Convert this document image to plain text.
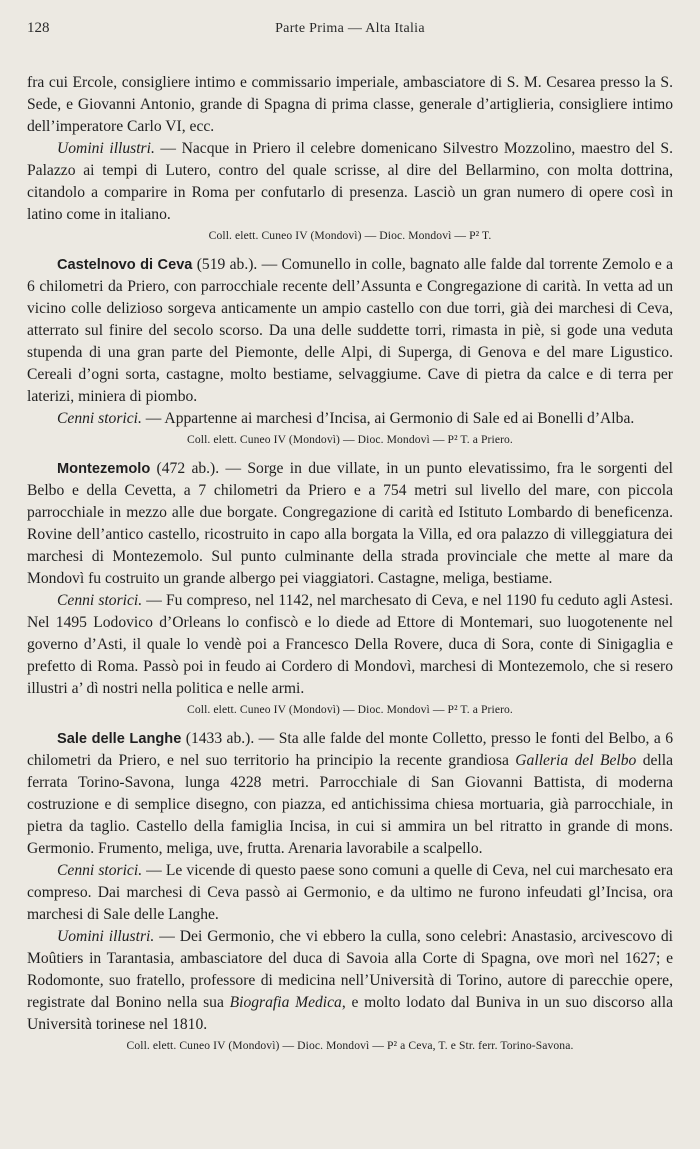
128	Parte Prima — Alta Italia

fra cui Ercole, consigliere intimo e commissario imperiale, ambasciatore di S. M. Cesarea presso la S. Sede, e Giovanni Antonio, grande di Spagna di prima classe, generale d’artiglieria, consigliere intimo dell’imperatore Carlo VI, ecc.

Uomini illustri. — Nacque in Priero il celebre domenicano Silvestro Mozzolino, maestro del S. Palazzo ai tempi di Lutero, contro del quale scrisse, al dire del Bellarmino, con molta dottrina, citandolo a comparire in Roma per confutarlo di presenza. Lasciò un gran numero di opere così in latino come in italiano.

Coll. elett. Cuneo IV (Mondovì) — Dioc. Mondovì — P² T.

Castelnovo di Ceva (519 ab.). — Comunello in colle, bagnato alle falde dal torrente Zemolo e a 6 chilometri da Priero, con parrocchiale recente dell’Assunta e Congregazione di carità. In vetta ad un vicino colle delizioso sorgeva anticamente un ampio castello con due torri, già dei marchesi di Ceva, atterrato sul finire del secolo scorso. Da una delle suddette torri, rimasta in piè, si gode una veduta stupenda di una gran parte del Piemonte, delle Alpi, di Superga, di Genova e del mare Ligustico. Cereali d’ogni sorta, castagne, molto bestiame, selvaggiume. Cave di pietra da calce e di terra per laterizi, miniera di piombo.

Cenni storici. — Appartenne ai marchesi d’Incisa, ai Germonio di Sale ed ai Bonelli d’Alba.

Coll. elett. Cuneo IV (Mondovì) — Dioc. Mondovì — P² T. a Priero.

Montezemolo (472 ab.). — Sorge in due villate, in un punto elevatissimo, fra le sorgenti del Belbo e della Cevetta, a 7 chilometri da Priero e a 754 metri sul livello del mare, con piccola parrocchiale in mezzo alle due borgate. Congregazione di carità ed Istituto Lombardo di beneficenza. Rovine dell’antico castello, ricostruito in capo alla borgata la Villa, ed ora palazzo di villeggiatura dei marchesi di Montezemolo. Sul punto culminante della strada provinciale che mette al mare da Mondovì fu costruito un grande albergo pei viaggiatori. Castagne, meliga, bestiame.

Cenni storici. — Fu compreso, nel 1142, nel marchesato di Ceva, e nel 1190 fu ceduto agli Astesi. Nel 1495 Lodovico d’Orleans lo confiscò e lo diede ad Ettore di Montemari, suo luogotenente nel governo d’Asti, il quale lo vendè poi a Francesco Della Rovere, duca di Sora, conte di Sinigaglia e prefetto di Roma. Passò poi in feudo ai Cordero di Mondovì, marchesi di Montezemolo, che si resero illustri a’ dì nostri nella politica e nelle armi.

Coll. elett. Cuneo IV (Mondovì) — Dioc. Mondovì — P² T. a Priero.

Sale delle Langhe (1433 ab.). — Sta alle falde del monte Colletto, presso le fonti del Belbo, a 6 chilometri da Priero, e nel suo territorio ha principio la recente grandiosa Galleria del Belbo della ferrata Torino-Savona, lunga 4228 metri. Parrocchiale di San Giovanni Battista, di moderna costruzione e di semplice disegno, con piazza, ed antichissima chiesa mortuaria, già parrocchiale, in pietra da taglio. Castello della famiglia Incisa, in cui si ammira un bel ritratto in grande di mons. Germonio. Frumento, meliga, uve, frutta. Arenaria lavorabile a scalpello.

Cenni storici. — Le vicende di questo paese sono comuni a quelle di Ceva, nel cui marchesato era compreso. Dai marchesi di Ceva passò ai Germonio, e da ultimo ne furono infeudati gl’Incisa, ora marchesi di Sale delle Langhe.

Uomini illustri. — Dei Germonio, che vi ebbero la culla, sono celebri: Anastasio, arcivescovo di Moûtiers in Tarantasia, ambasciatore del duca di Savoia alla Corte di Spagna, ove morì nel 1627; e Rodomonte, suo fratello, professore di medicina nell’Università di Torino, autore di parecchie opere, registrate dal Bonino nella sua Biografia Medica, e molto lodato dal Buniva in un suo discorso alla Università torinese nel 1810.

Coll. elett. Cuneo IV (Mondovì) — Dioc. Mondovì — P² a Ceva, T. e Str. ferr. Torino-Savona.
